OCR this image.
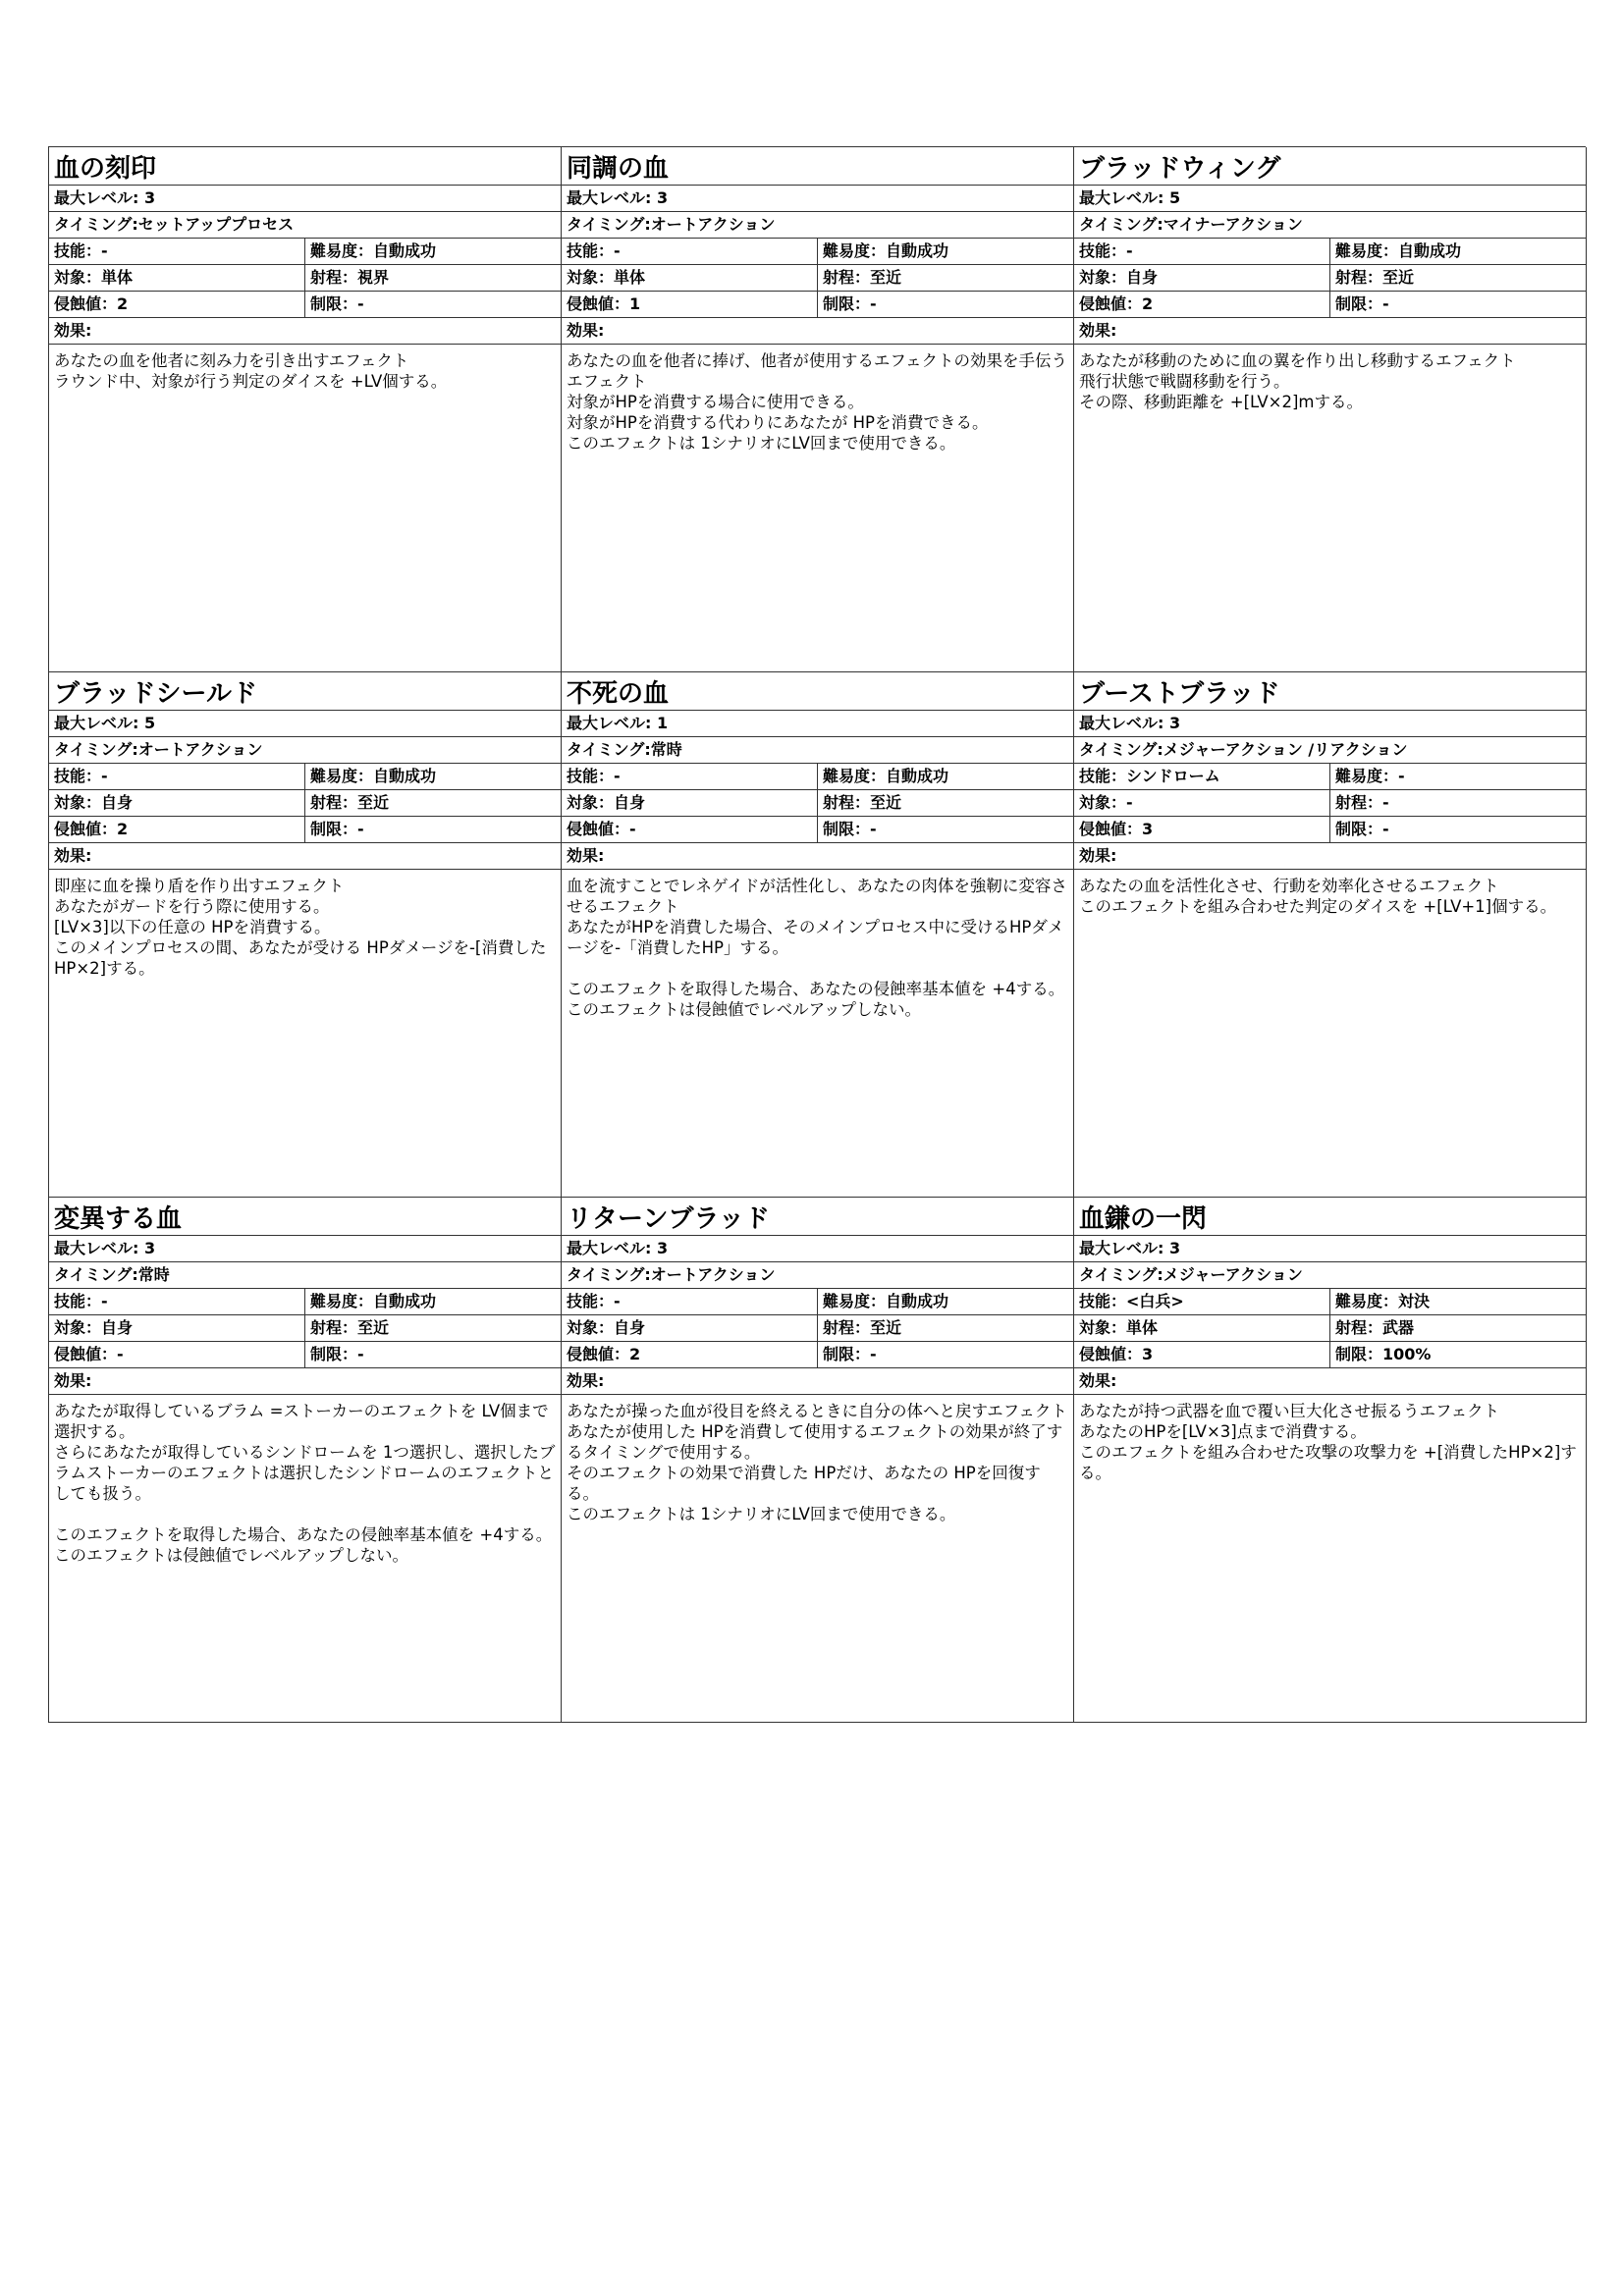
血の刻印
最大レベル: 3
タイミング:セットアッププロセス
技能：-	難易度：自動成功
対象：単体	射程：視界
侵蝕値：2	制限：-
効果:
あなたの血を他者に刻み力を引き出すエフェクト
ラウンド中、対象が行う判定のダイスを +LV個する。
同調の血
最大レベル: 3
タイミング:オートアクション
技能：-	難易度：自動成功
対象：単体	射程：至近
侵蝕値：1	制限：-
効果:
あなたの血を他者に捧げ、他者が使用するエフェクトの効果を手伝うエフェクト
対象がHPを消費する場合に使用できる。
対象がHPを消費する代わりにあなたが HPを消費できる。
このエフェクトは 1シナリオにLV回まで使用できる。
ブラッドウィング
最大レベル: 5
タイミング:マイナーアクション
技能：-	難易度：自動成功
対象：自身	射程：至近
侵蝕値：2	制限：-
効果:
あなたが移動のために血の翼を作り出し移動するエフェクト
飛行状態で戦闘移動を行う。
その際、移動距離を +[LV×2]mする。
ブラッドシールド
最大レベル: 5
タイミング:オートアクション
技能：-	難易度：自動成功
対象：自身	射程：至近
侵蝕値：2	制限：-
効果:
即座に血を操り盾を作り出すエフェクト
あなたがガードを行う際に使用する。
[LV×3]以下の任意の HPを消費する。
このメインプロセスの間、あなたが受ける HPダメージを-[消費したHP×2]する。
不死の血
最大レベル: 1
タイミング:常時
技能：-	難易度：自動成功
対象：自身	射程：至近
侵蝕値：-	制限：-
効果:
血を流すことでレネゲイドが活性化し、あなたの肉体を強靭に変容させるエフェクト
あなたがHPを消費した場合、そのメインプロセス中に受けるHPダメージを-「消費したHP」する。

このエフェクトを取得した場合、あなたの侵蝕率基本値を +4する。
このエフェクトは侵蝕値でレベルアップしない。
ブーストブラッド
最大レベル: 3
タイミング:メジャーアクション /リアクション
技能：シンドローム	難易度：-
対象：-	射程：-
侵蝕値：3	制限：-
効果:
あなたの血を活性化させ、行動を効率化させるエフェクト
このエフェクトを組み合わせた判定のダイスを +[LV+1]個する。
変異する血
最大レベル: 3
タイミング:常時
技能：-	難易度：自動成功
対象：自身	射程：至近
侵蝕値：-	制限：-
効果:
あなたが取得しているブラム =ストーカーのエフェクトを LV個まで選択する。
さらにあなたが取得しているシンドロームを 1つ選択し、選択したブラムストーカーのエフェクトは選択したシンドロームのエフェクトとしても扱う。

このエフェクトを取得した場合、あなたの侵蝕率基本値を +4する。
このエフェクトは侵蝕値でレベルアップしない。
リターンブラッド
最大レベル: 3
タイミング:オートアクション
技能：-	難易度：自動成功
対象：自身	射程：至近
侵蝕値：2	制限：-
効果:
あなたが操った血が役目を終えるときに自分の体へと戻すエフェクト
あなたが使用した HPを消費して使用するエフェクトの効果が終了するタイミングで使用する。
そのエフェクトの効果で消費した HPだけ、あなたの HPを回復する。
このエフェクトは 1シナリオにLV回まで使用できる。
血鎌の一閃
最大レベル: 3
タイミング:メジャーアクション
技能：<白兵>	難易度：対決
対象：単体	射程：武器
侵蝕値：3	制限：100%
効果:
あなたが持つ武器を血で覆い巨大化させ振るうエフェクト
あなたのHPを[LV×3]点まで消費する。
このエフェクトを組み合わせた攻撃の攻撃力を +[消費したHP×2]する。
